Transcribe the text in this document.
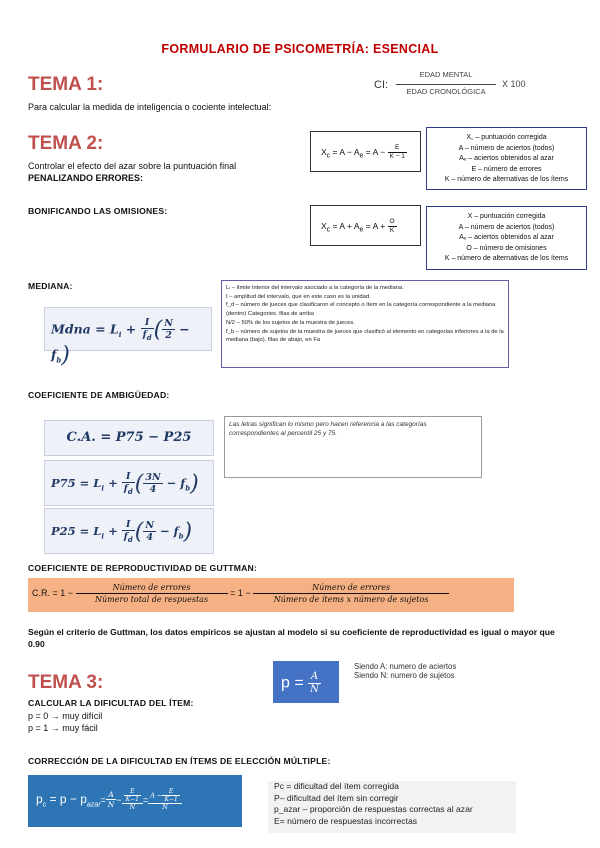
FORMULARIO DE PSICOMETRÍA: ESENCIAL
TEMA 1:
Para calcular la medida de inteligencia o cociente intelectual:
CI:
EDAD MENTAL
EDAD CRONOLÓGICA
X 100
TEMA 2:
Controlar el efecto del azar sobre la puntuación final
PENALIZANDO ERRORES:
$X_c = A - A_e = A - \frac{E}{K - 1}$
X꜀ – puntuación corregida
A – número de aciertos (todos)
Aₑ – aciertos obtenidos al azar
E – número de errores
K – número de alternativas de los ítems
BONIFICANDO LAS OMISIONES:
$X_c = A + A_e = A + \frac{O}{K}$
X – puntuación corregida
A – número de aciertos (todos)
Aₑ – aciertos obtenidos al azar
O – número de omisiones
K – número de alternativas de los ítems
MEDIANA:
Mdna = $L_i + \frac{I}{f_d}$ ( $\frac{N}{2} - f_b$)
Lᵢ – límite interior del intervalo asociado a la categoría de la mediana.
I – amplitud del intervalo, que en este caso es la unidad.
f_d – número de jueces que clasificaron el concepto o ítem en la categoría correspondiente a la mediana (dentro) Categories. filas de arriba
N/2 – 50% de los sujetos de la muestra de jueces.
f_b – número de sujetos de la muestra de jueces que clasificó al elemento en categorías inferiores a la de la mediana (bajo). filas de abajo, en Fa
COEFICIENTE DE AMBIGÜEDAD:
C.A. = P75 − P25
$P75 = L_i + \frac{I}{f_d}$ ( $\frac{3N}{4} - f_b$)
$P25 = L_i + \frac{I}{f_d}$ ( $\frac{N}{4} - f_b$)
Las letras significan lo mismo pero hacen referencia a las categorías correspondientes al percentil 25 y 75.
COEFICIENTE DE REPRODUCTIVIDAD DE GUTTMAN:
C.R. = $1 - \frac{\text{Número de errores}}{\text{Número total de respuestas}} = 1 - \frac{\text{Número de errores}}{\text{Número de ítems x número de sujetos}}$
Según el criterio de Guttman, los datos empíricos se ajustan al modelo si su coeficiente de reproductividad es igual o mayor que 0.90
TEMA 3:
CALCULAR LA DIFICULTAD DEL ÍTEM:
p = 0 → muy difícil
p = 1 → muy fácil
$p = \frac{A}{N}$
Siendo A: numero de aciertos
Siendo N: numero de sujetos
CORRECCIÓN DE LA DIFICULTAD EN ÍTEMS DE ELECCIÓN MÚLTIPLE:
$p_c = p - p_{azar}= \frac{A}{N} - \frac{\frac{E}{K-1}}{N} = \frac{A - \frac{E}{K-1}}{N}$
Pc = dificultad del ítem corregida
P– dificultad del ítem sin corregir
p_azar – proporción de respuestas correctas al azar
E= número de respuestas incorrectas
